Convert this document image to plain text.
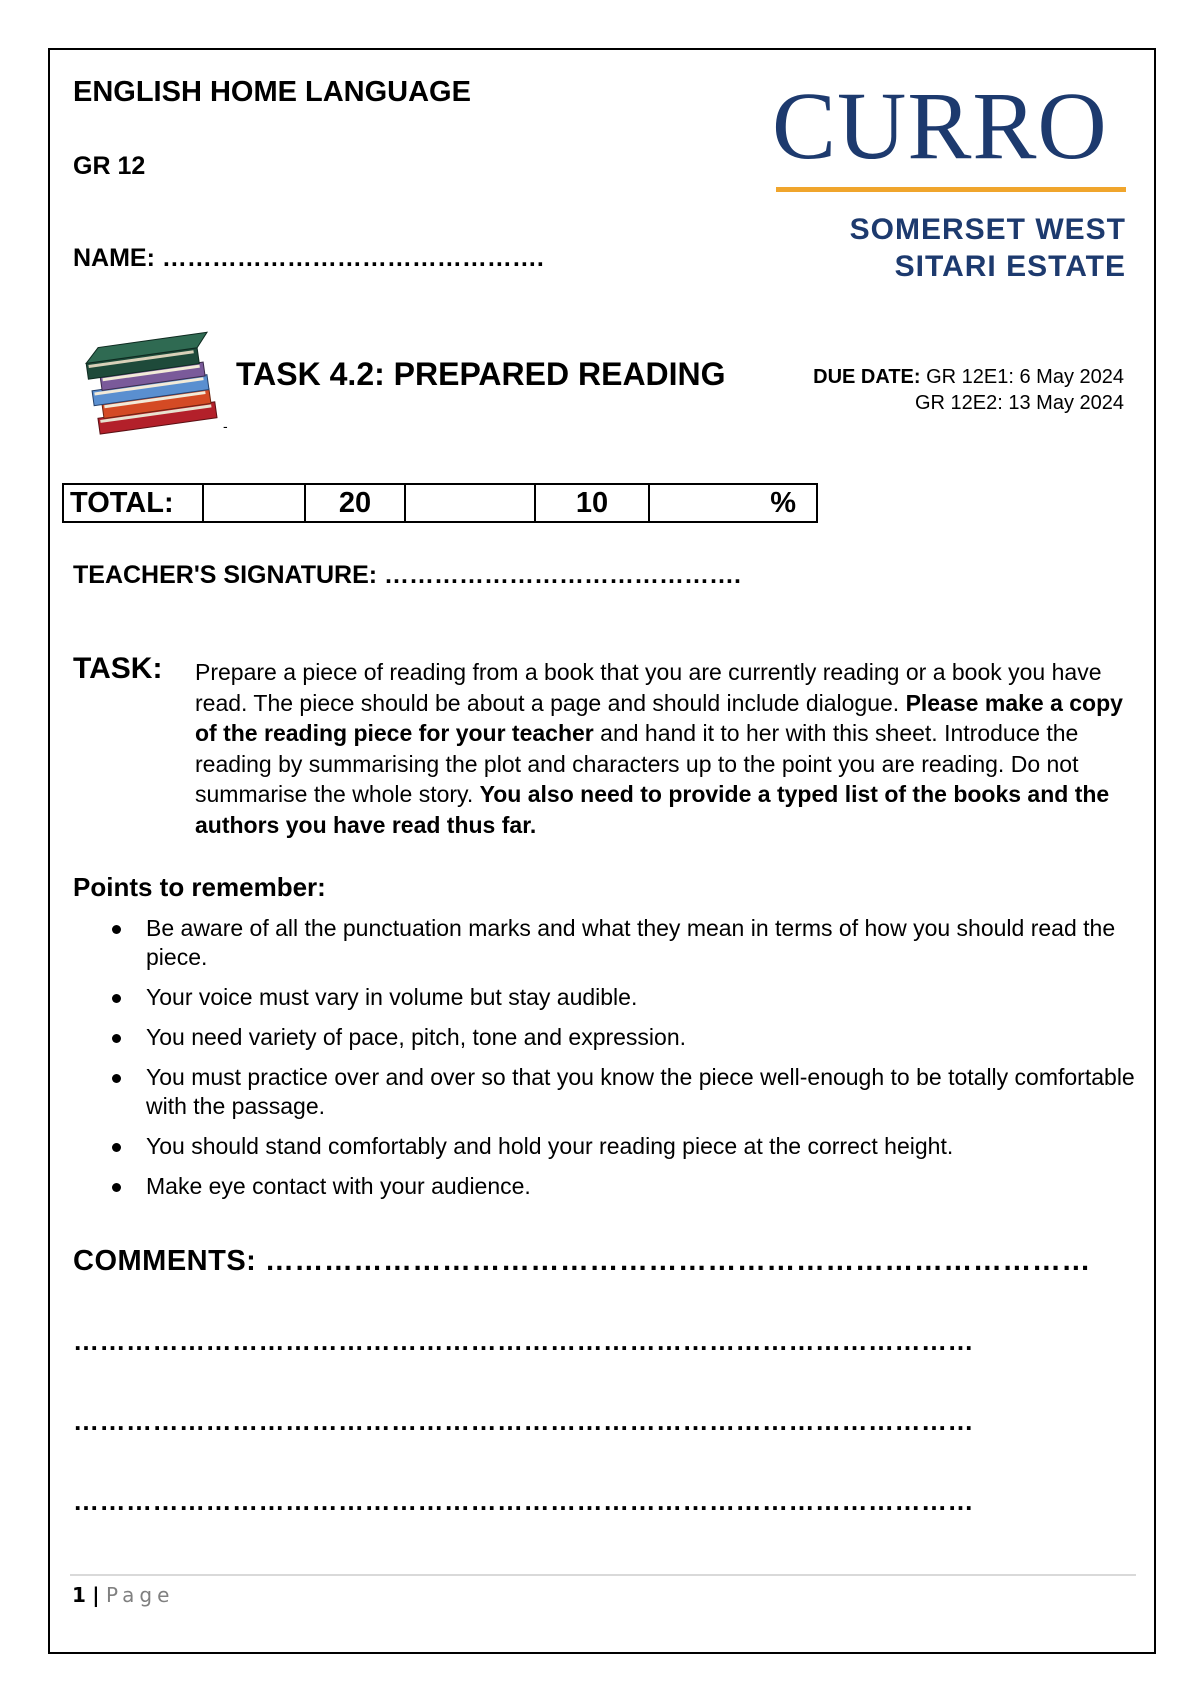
ENGLISH HOME LANGUAGE
GR 12
NAME: ……………………………………….
CURRO
SOMERSET WEST
SITARI ESTATE
-
TASK 4.2: PREPARED READING	DUE DATE: GR 12E1: 6 May 2024
GR 12E2: 13 May 2024
TOTAL:		20		10	%
TEACHER'S SIGNATURE: …………………………………….
TASK: Prepare a piece of reading from a book that you are currently reading or a book you have read. The piece should be about a page and should include dialogue. Please make a copy of the reading piece for your teacher and hand it to her with this sheet. Introduce the reading by summarising the plot and characters up to the point you are reading. Do not summarise the whole story. You also need to provide a typed list of the books and the authors you have read thus far.
Points to remember:
Be aware of all the punctuation marks and what they mean in terms of how you should read the piece.
Your voice must vary in volume but stay audible.
You need variety of pace, pitch, tone and expression.
You must practice over and over so that you know the piece well-enough to be totally comfortable with the passage.
You should stand comfortably and hold your reading piece at the correct height.
Make eye contact with your audience.
COMMENTS: …………………………………………………………………………
…………………………………………………………………………………………
…………………………………………………………………………………………
…………………………………………………………………………………………
1 | Page
